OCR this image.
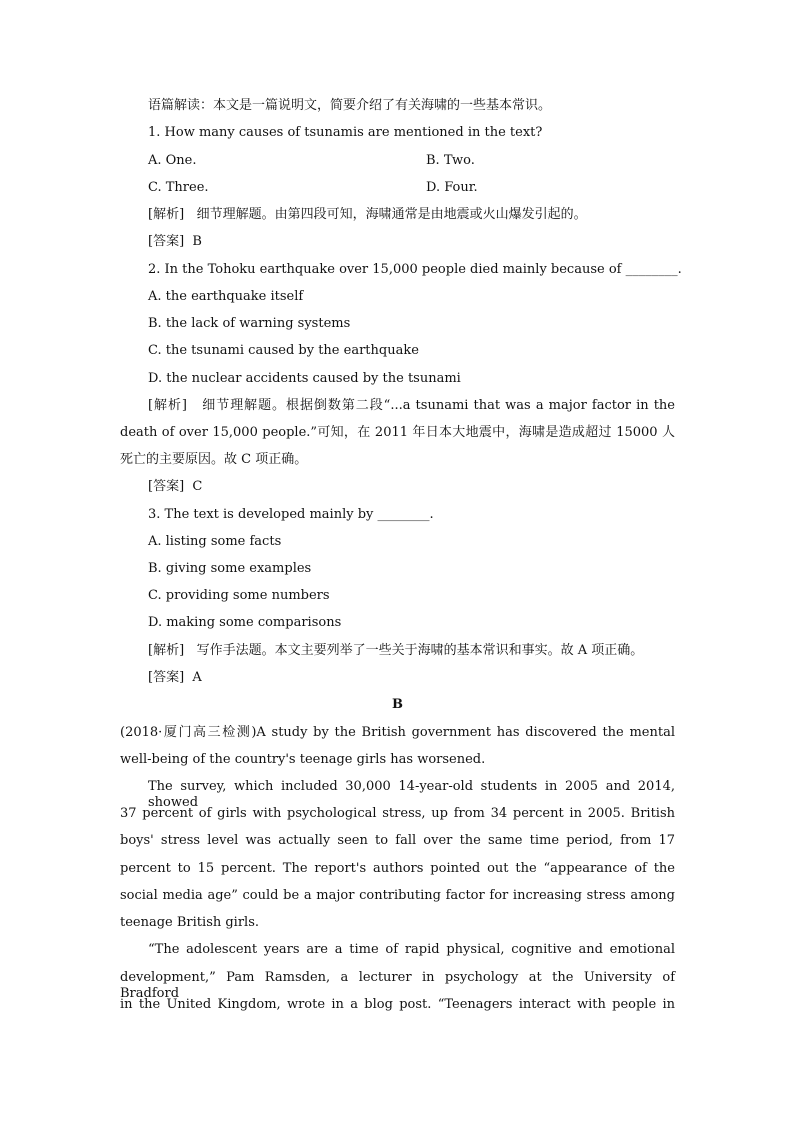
语篇解读：本文是一篇说明文，简要介绍了有关海啸的一些基本常识。
1. How many causes of tsunamis are mentioned in the text?
A. One.	B. Two.
C. Three.	D. Four.
[解析] 细节理解题。由第四段可知，海啸通常是由地震或火山爆发引起的。
[答案] B
2. In the Tohoku earthquake over 15,000 people died mainly because of ________.
A. the earthquake itself
B. the lack of warning systems
C. the tsunami caused by the earthquake
D. the nuclear accidents caused by the tsunami
[解析] 细节理解题。根据倒数第二段“...a tsunami that was a major factor in the
death of over 15,000 people.”可知，在 2011 年日本大地震中，海啸是造成超过 15000 人
死亡的主要原因。故 C 项正确。
[答案] C
3. The text is developed mainly by ________.
A. listing some facts
B. giving some examples
C. providing some numbers
D. making some comparisons
[解析] 写作手法题。本文主要列举了一些关于海啸的基本常识和事实。故 A 项正确。
[答案] A
B
(2018·厦门高三检测)A study by the British government has discovered the mental
well-being of the country's teenage girls has worsened.
The survey, which included 30,000 14-year-old students in 2005 and 2014, showed
37 percent of girls with psychological stress, up from 34 percent in 2005. British
boys' stress level was actually seen to fall over the same time period, from 17
percent to 15 percent. The report's authors pointed out the “appearance of the
social media age” could be a major contributing factor for increasing stress among
teenage British girls.
“The adolescent years are a time of rapid physical, cognitive and emotional
development,” Pam Ramsden, a lecturer in psychology at the University of Bradford
in the United Kingdom, wrote in a blog post. “Teenagers interact with people in
